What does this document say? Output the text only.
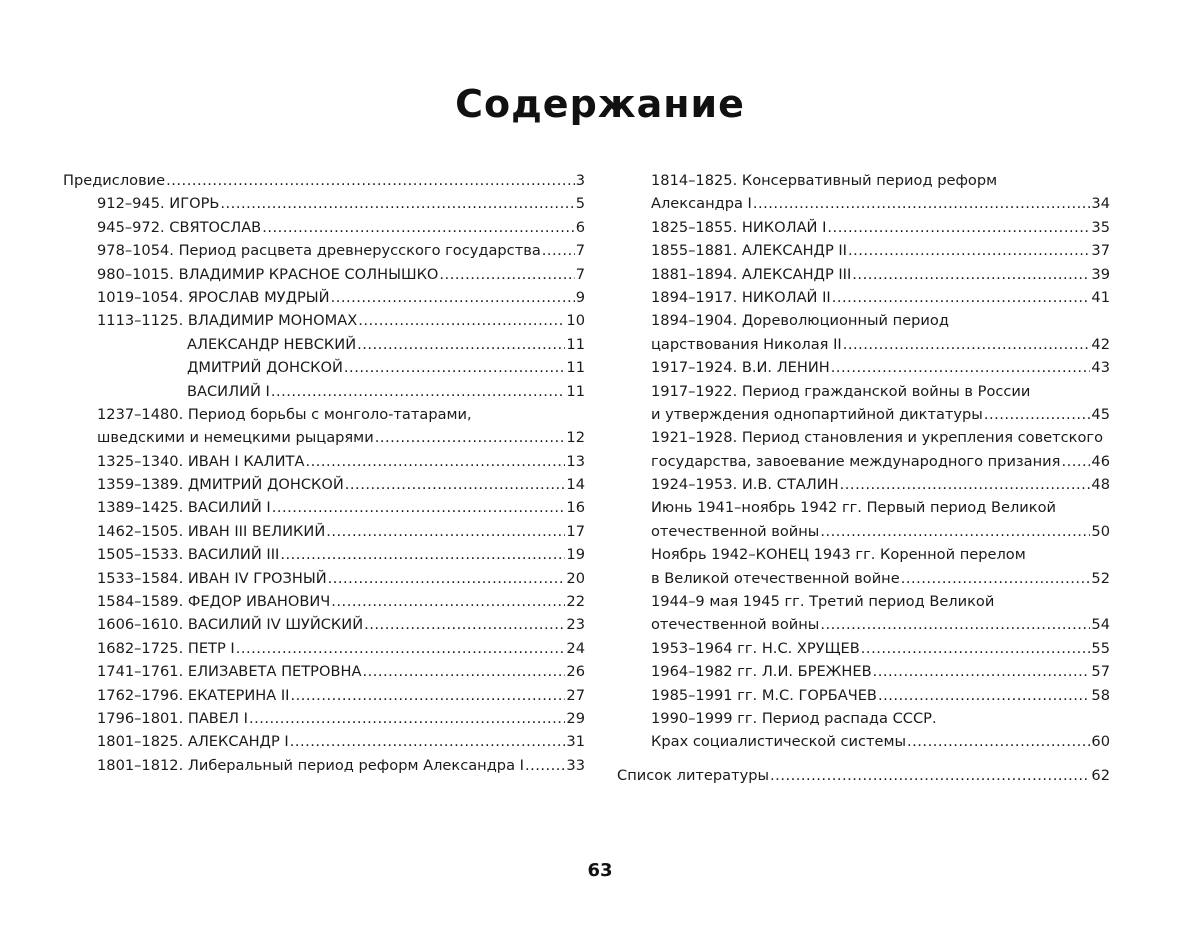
Содержание
Предисловие .....	3
912–945. ИГОРЬ .....	5
945–972. СВЯТОСЛАВ .....	6
978–1054. Период расцвета древнерусского государства ..... 7
980–1015. ВЛАДИМИР КРАСНОЕ СОЛНЫШКО .....	7
1019–1054. ЯРОСЛАВ МУДРЫЙ .....	9
1113–1125. ВЛАДИМИР МОНОМАХ .....	10
АЛЕКСАНДР НЕВСКИЙ .....	11
ДМИТРИЙ ДОНСКОЙ .....	11
ВАСИЛИЙ I .....	11
1237–1480. Период борьбы с монголо-татарами,
шведскими и немецкими рыцарями .....	12
1325–1340. ИВАН I КАЛИТА .....	13
1359–1389. ДМИТРИЙ ДОНСКОЙ .....	14
1389–1425. ВАСИЛИЙ I .....	16
1462–1505. ИВАН III ВЕЛИКИЙ .....	17
1505–1533. ВАСИЛИЙ III .....	19
1533–1584. ИВАН IV ГРОЗНЫЙ .....	20
1584–1589. ФЕДОР ИВАНОВИЧ .....	22
1606–1610. ВАСИЛИЙ IV ШУЙСКИЙ .....	23
1682–1725. ПЕТР I .....	24
1741–1761. ЕЛИЗАВЕТА ПЕТРОВНА .....	26
1762–1796. ЕКАТЕРИНА II .....	27
1796–1801. ПАВЕЛ I .....	29
1801–1825. АЛЕКСАНДР I .....	31
1801–1812. Либеральный период реформ Александра I .....	33
1814–1825. Консервативный период реформ
Александра I .....	34
1825–1855. НИКОЛАЙ I .....	35
1855–1881. АЛЕКСАНДР II .....	37
1881–1894. АЛЕКСАНДР III .....	39
1894–1917. НИКОЛАЙ II .....	41
1894–1904. Дореволюционный период
царствования Николая II .....	42
1917–1924. В.И. ЛЕНИН .....	43
1917–1922. Период гражданской войны в России
и утверждения однопартийной диктатуры .....	45
1921–1928. Период становления и укрепления советского
государства, завоевание международного призания ..... 46
1924–1953. И.В. СТАЛИН .....	48
Июнь 1941–ноябрь 1942 гг. Первый период Великой
отечественной войны .....	50
Ноябрь 1942–КОНЕЦ 1943 гг. Коренной перелом
в Великой отечественной войне .....	52
1944–9 мая 1945 гг. Третий период Великой
отечественной войны .....	54
1953–1964 гг. Н.С. ХРУЩЕВ .....	55
1964–1982 гг. Л.И. БРЕЖНЕВ .....	57
1985–1991 гг. М.С. ГОРБАЧЕВ .....	58
1990–1999 гг. Период распада СССР.
Крах социалистической системы .....	60
Список литературы .....	62
63
